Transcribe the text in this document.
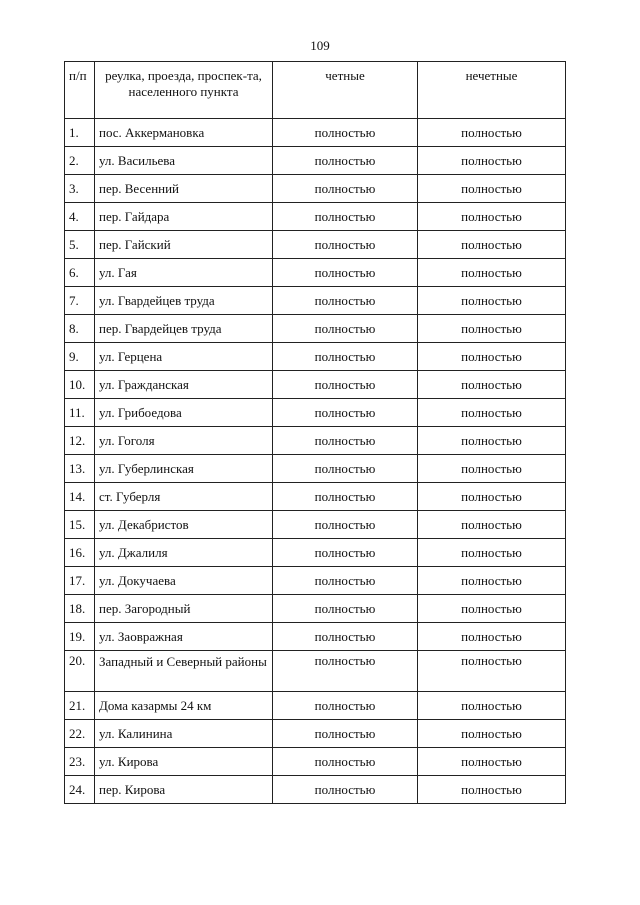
109
п/п	реулка, проезда, проспек-та, населенного пункта	четные	нечетные
1.	пос. Аккермановка	полностью	полностью
2.	ул. Васильева	полностью	полностью
3.	пер. Весенний	полностью	полностью
4.	пер. Гайдара	полностью	полностью
5.	пер. Гайский	полностью	полностью
6.	ул. Гая	полностью	полностью
7.	ул. Гвардейцев труда	полностью	полностью
8.	пер. Гвардейцев труда	полностью	полностью
9.	ул. Герцена	полностью	полностью
10.	ул. Гражданская	полностью	полностью
11.	ул. Грибоедова	полностью	полностью
12.	ул. Гоголя	полностью	полностью
13.	ул. Губерлинская	полностью	полностью
14.	ст. Губерля	полностью	полностью
15.	ул. Декабристов	полностью	полностью
16.	ул. Джалиля	полностью	полностью
17.	ул. Докучаева	полностью	полностью
18.	пер. Загородный	полностью	полностью
19.	ул. Заовражная	полностью	полностью
20.	Западный и Северный районы	полностью	полностью
21.	Дома казармы 24 км	полностью	полностью
22.	ул. Калинина	полностью	полностью
23.	ул. Кирова	полностью	полностью
24.	пер. Кирова	полностью	полностью
